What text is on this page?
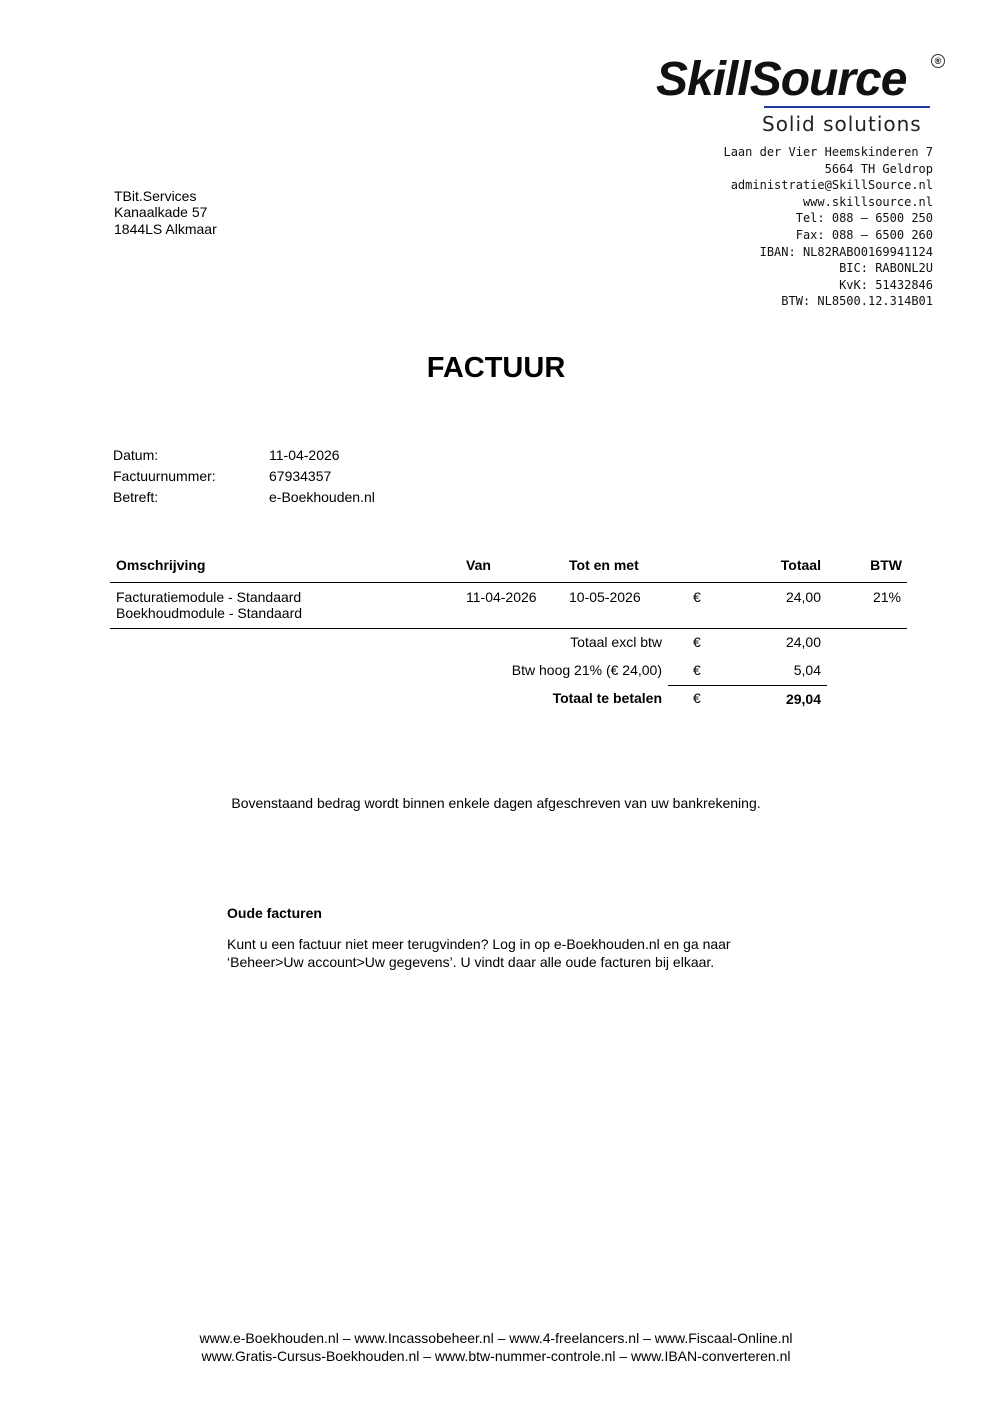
SkillSource	®
Solid solutions
Laan der Vier Heemskinderen 7
5664 TH Geldrop
administratie@SkillSource.nl
www.skillsource.nl
Tel: 088 – 6500 250
Fax: 088 – 6500 260
IBAN: NL82RABO0169941124
BIC: RABONL2U
KvK: 51432846
BTW: NL8500.12.314B01
TBit.Services
Kanaalkade 57
1844LS Alkmaar
FACTUUR
Datum:	11-04-2026
Factuurnummer:	67934357
Betreft:	e-Boekhouden.nl
Omschrijving	Van	Tot en met	Totaal	BTW
Facturatiemodule - Standaard
Boekhoudmodule - Standaard
11-04-2026 10-05-2026	€	24,00	21%
Totaal excl btw €	24,00
Btw hoog 21% (€ 24,00) €	5,04
Totaal te betalen €	29,04
Bovenstaand bedrag wordt binnen enkele dagen afgeschreven van uw bankrekening.
Oude facturen
Kunt u een factuur niet meer terugvinden? Log in op e-Boekhouden.nl en ga naar
‘Beheer>Uw account>Uw gegevens’. U vindt daar alle oude facturen bij elkaar.
www.e-Boekhouden.nl – www.Incassobeheer.nl – www.4-freelancers.nl – www.Fiscaal-Online.nl
www.Gratis-Cursus-Boekhouden.nl – www.btw-nummer-controle.nl – www.IBAN-converteren.nl
